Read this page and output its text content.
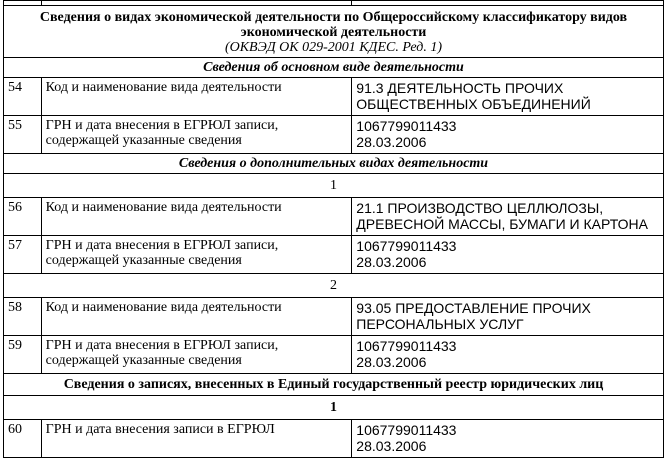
Сведения о видах экономической деятельности по Общероссийскому классификатору видов экономической деятельности
(ОКВЭД ОК 029-2001 КДЕС. Ред. 1)		

Сведения об основном виде деятельности		
54	Код и наименование вида деятельности	91.3 ДЕЯТЕЛЬНОСТЬ ПРОЧИХ ОБЩЕСТВЕННЫХ ОБЪЕДИНЕНИЙ
55	ГРН и дата внесения в ЕГРЮЛ записи, содержащей указанные сведения	1067799011433
28.03.2006
Сведения о дополнительных видах деятельности		
1		
56	Код и наименование вида деятельности	21.1 ПРОИЗВОДСТВО ЦЕЛЛЮЛОЗЫ, ДРЕВЕСНОЙ МАССЫ, БУМАГИ И КАРТОНА
57	ГРН и дата внесения в ЕГРЮЛ записи, содержащей указанные сведения	1067799011433
28.03.2006
2		
58	Код и наименование вида деятельности	93.05 ПРЕДОСТАВЛЕНИЕ ПРОЧИХ ПЕРСОНАЛЬНЫХ УСЛУГ
59	ГРН и дата внесения в ЕГРЮЛ записи, содержащей указанные сведения	1067799011433
28.03.2006
Сведения о записях, внесенных в Единый государственный реестр юридических лиц		
1		
60	ГРН и дата внесения записи в ЕГРЮЛ	1067799011433
28.03.2006
